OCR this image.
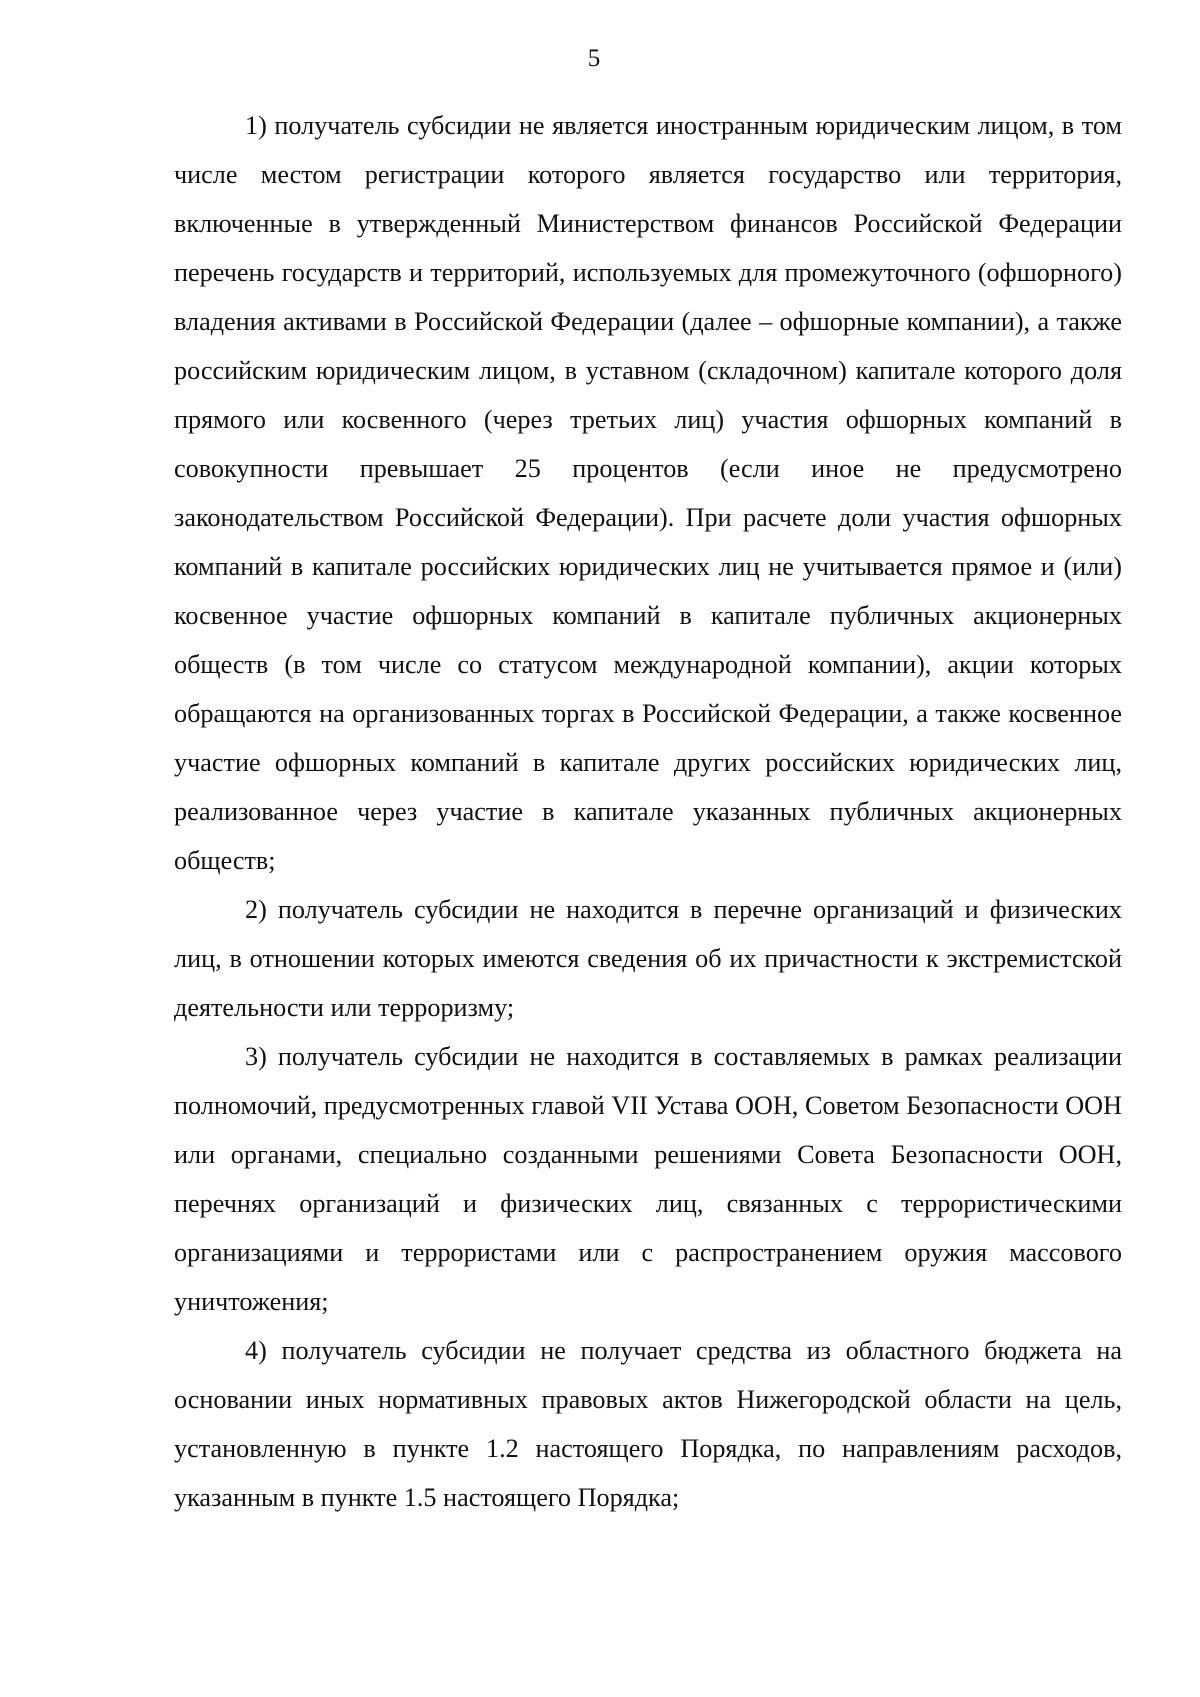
5

1) получатель субсидии не является иностранным юридическим лицом, в том числе местом регистрации которого является государство или территория, включенные в утвержденный Министерством финансов Российской Федерации перечень государств и территорий, используемых для промежуточного (офшорного) владения активами в Российской Федерации (далее – офшорные компании), а также российским юридическим лицом, в уставном (складочном) капитале которого доля прямого или косвенного (через третьих лиц) участия офшорных компаний в совокупности превышает 25 процентов (если иное не предусмотрено законодательством Российской Федерации). При расчете доли участия офшорных компаний в капитале российских юридических лиц не учитывается прямое и (или) косвенное участие офшорных компаний в капитале публичных акционерных обществ (в том числе со статусом международной компании), акции которых обращаются на организованных торгах в Российской Федерации, а также косвенное участие офшорных компаний в капитале других российских юридических лиц, реализованное через участие в капитале указанных публичных акционерных обществ;

2) получатель субсидии не находится в перечне организаций и физических лиц, в отношении которых имеются сведения об их причастности к экстремистской деятельности или терроризму;

3) получатель субсидии не находится в составляемых в рамках реализации полномочий, предусмотренных главой VII Устава ООН, Советом Безопасности ООН или органами, специально созданными решениями Совета Безопасности ООН, перечнях организаций и физических лиц, связанных с террористическими организациями и террористами или с распространением оружия массового уничтожения;

4) получатель субсидии не получает средства из областного бюджета на основании иных нормативных правовых актов Нижегородской области на цель, установленную в пункте 1.2 настоящего Порядка, по направлениям расходов, указанным в пункте 1.5 настоящего Порядка;
